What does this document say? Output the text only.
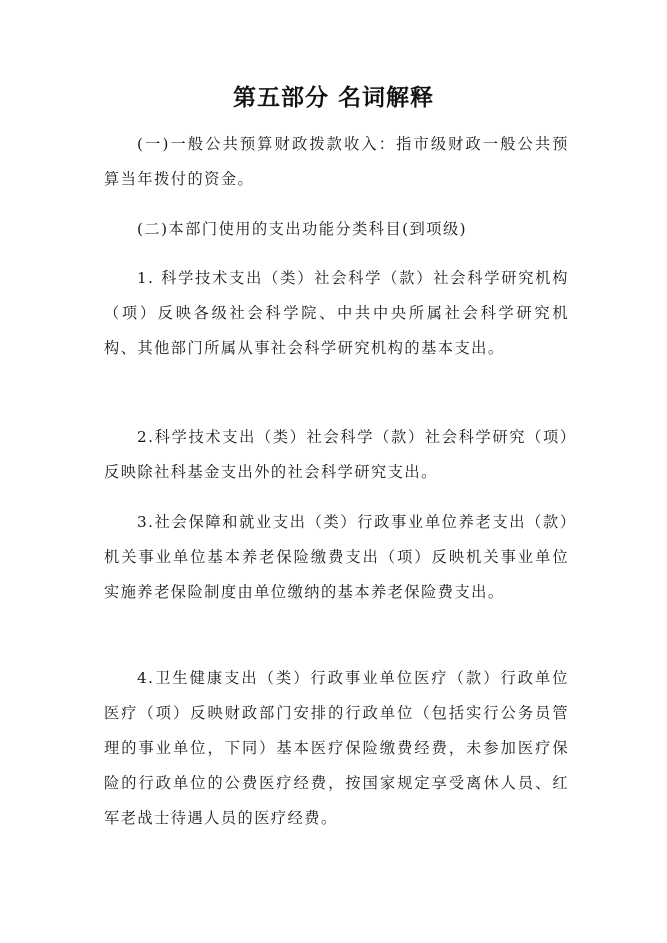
第五部分 名词解释

(一)一般公共预算财政拨款收入：指市级财政一般公共预算当年拨付的资金。

(二)本部门使用的支出功能分类科目(到项级)

1. 科学技术支出（类）社会科学（款）社会科学研究机构（项）反映各级社会科学院、中共中央所属社会科学研究机构、其他部门所属从事社会科学研究机构的基本支出。

2.科学技术支出（类）社会科学（款）社会科学研究（项）反映除社科基金支出外的社会科学研究支出。

3.社会保障和就业支出（类）行政事业单位养老支出（款）机关事业单位基本养老保险缴费支出（项）反映机关事业单位实施养老保险制度由单位缴纳的基本养老保险费支出。

4.卫生健康支出（类）行政事业单位医疗（款）行政单位医疗（项）反映财政部门安排的行政单位（包括实行公务员管理的事业单位，下同）基本医疗保险缴费经费，未参加医疗保险的行政单位的公费医疗经费，按国家规定享受离休人员、红军老战士待遇人员的医疗经费。
